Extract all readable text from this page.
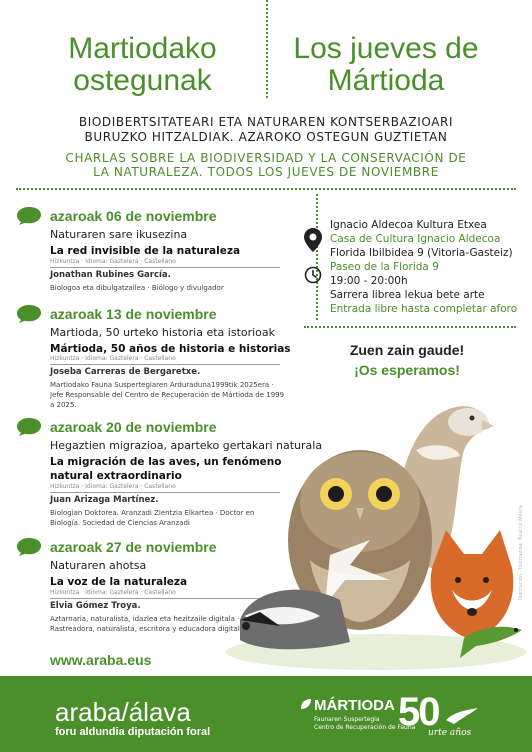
Martiodako
ostegunak
Los jueves de
Mártioda
BIODIBERTSITATEARI ETA NATURAREN KONTSERBAZIOARI
BURUZKO HITZALDIAK. AZAROKO OSTEGUN GUZTIETAN
CHARLAS SOBRE LA BIODIVERSIDAD Y LA CONSERVACIÓN DE
LA NATURALEZA. TODOS LOS JUEVES DE NOVIEMBRE
azaroak 06 de noviembre
Naturaren sare ikusezina
La red invisible de la naturaleza
Hizkuntza · Idioma: Gaztelera · Castellano
Jonathan Rubines García.
Biologoa eta dibulgatzailea · Biólogo y divulgador
azaroak 13 de noviembre
Martioda, 50 urteko historia eta istorioak
Mártioda, 50 años de historia e historias
Hizkuntza · Idioma: Gaztelera · Castellano
Joseba Carreras de Bergaretxe.
Martiodako Fauna Suspertegiaren Arduraduna1999tik 2025era · Jefe Responsable del Centro de Recuperación de Mártioda de 1999 a 2025.
azaroak 20 de noviembre
Hegaztien migrazioa, aparteko gertakari naturala
La migración de las aves, un fenómeno natural extraordinario
Hizkuntza · Idioma: Gaztelera · Castellano
Juan Arizaga Martínez.
Biologian Doktorea. Aranzadi Zientzia Elkartea · Doctor en Biología. Sociedad de Ciencias Aranzadi
azaroak 27 de noviembre
Naturaren ahotsa
La voz de la naturaleza
Hizkuntza · Idioma: Gaztelera · Castellano
Elvia Gómez Troya.
Aztarnaria, naturalista, idazlea eta hezitzaile digitala · Rastreadora, naturalista, escritora y educadora digital
Ignacio Aldecoa Kultura Etxea
Casa de Cultura Ignacio Aldecoa
Florida Ibilbidea 9 (Vitoria-Gasteiz)
Paseo de la Florida 9
19:00 - 20:00h
Sarrera librea lekua bete arte
Entrada libre hasta completar aforo
Zuen zain gaude!
¡Os esperamos!
Ilustración · Ilustrazioa: Beatriz Moura
www.araba.eus
araba/álava
foru aldundia diputación foral
MÁRTIODA
Faunaren Suspertegia
Centro de Recuperación de Fauna
50
urte años
